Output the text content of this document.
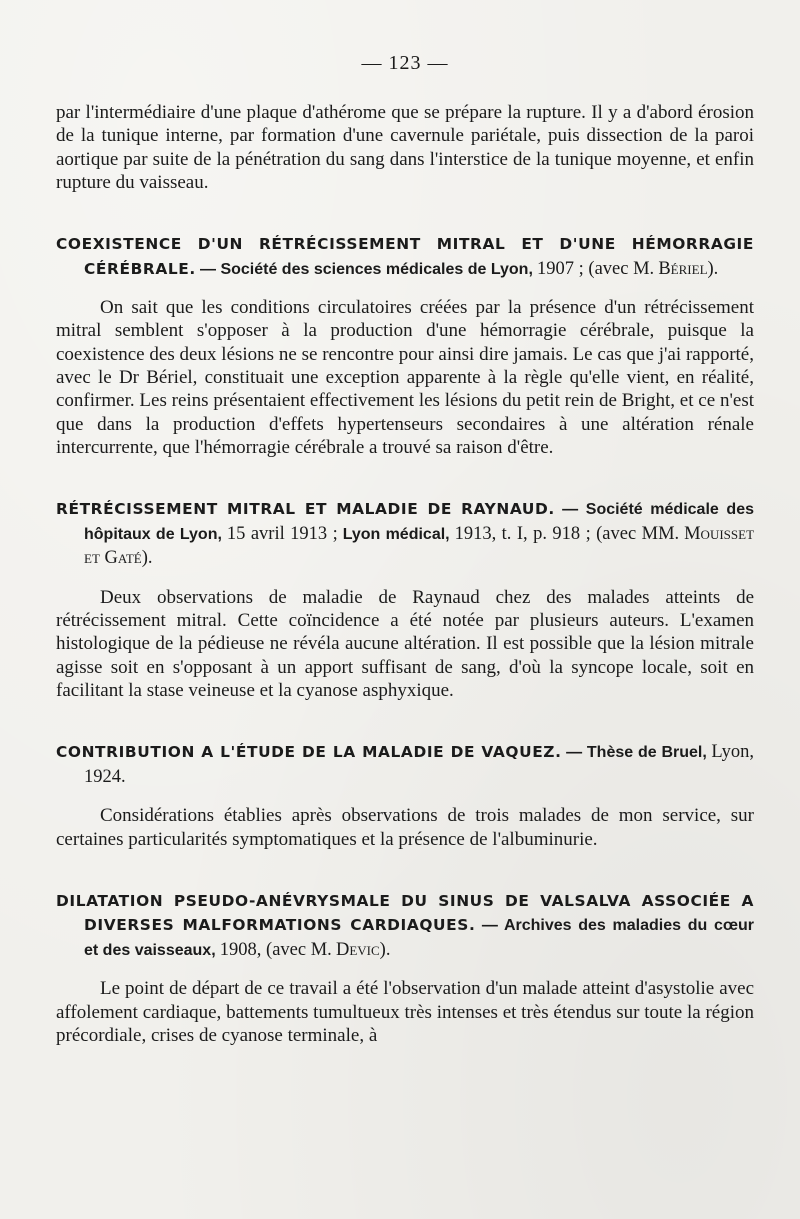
— 123 —

par l'intermédiaire d'une plaque d'athérome que se prépare la rupture. Il y a d'abord érosion de la tunique interne, par formation d'une cavernule pariétale, puis dissection de la paroi aortique par suite de la pénétration du sang dans l'interstice de la tunique moyenne, et enfin rupture du vaisseau.

COEXISTENCE D'UN RÉTRÉCISSEMENT MITRAL ET D'UNE HÉMORRAGIE CÉRÉBRALE. — Société des sciences médicales de Lyon, 1907 ; (avec M. Bériel).

On sait que les conditions circulatoires créées par la présence d'un rétrécissement mitral semblent s'opposer à la production d'une hémorragie cérébrale, puisque la coexistence des deux lésions ne se rencontre pour ainsi dire jamais. Le cas que j'ai rapporté, avec le Dr Bériel, constituait une exception apparente à la règle qu'elle vient, en réalité, confirmer. Les reins présentaient effectivement les lésions du petit rein de Bright, et ce n'est que dans la production d'effets hypertenseurs secondaires à une altération rénale intercurrente, que l'hémorragie cérébrale a trouvé sa raison d'être.

RÉTRÉCISSEMENT MITRAL ET MALADIE DE RAYNAUD. — Société médicale des hôpitaux de Lyon, 15 avril 1913 ; Lyon médical, 1913, t. I, p. 918 ; (avec MM. Mouisset et Gaté).

Deux observations de maladie de Raynaud chez des malades atteints de rétrécissement mitral. Cette coïncidence a été notée par plusieurs auteurs. L'examen histologique de la pédieuse ne révéla aucune altération. Il est possible que la lésion mitrale agisse soit en s'opposant à un apport suffisant de sang, d'où la syncope locale, soit en facilitant la stase veineuse et la cyanose asphyxique.

CONTRIBUTION A L'ÉTUDE DE LA MALADIE DE VAQUEZ. — Thèse de Bruel, Lyon, 1924.

Considérations établies après observations de trois malades de mon service, sur certaines particularités symptomatiques et la présence de l'albuminurie.

DILATATION PSEUDO-ANÉVRYSMALE DU SINUS DE VALSALVA ASSOCIÉE A DIVERSES MALFORMATIONS CARDIAQUES. — Archives des maladies du cœur et des vaisseaux, 1908, (avec M. Devic).

Le point de départ de ce travail a été l'observation d'un malade atteint d'asystolie avec affolement cardiaque, battements tumultueux très intenses et très étendus sur toute la région précordiale, crises de cyanose terminale, à
